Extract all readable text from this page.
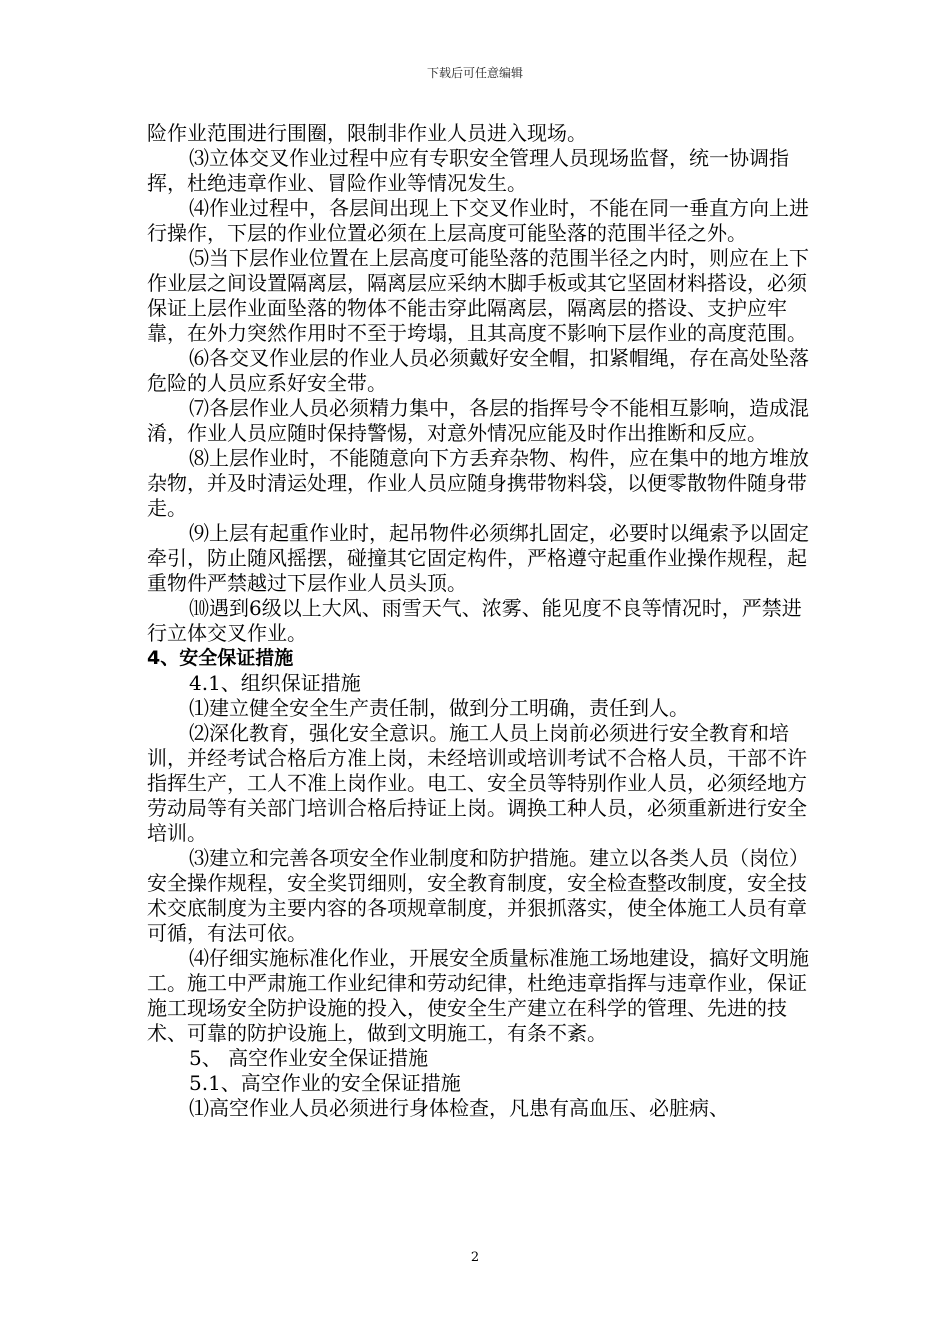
下载后可任意编辑

险作业范围进行围圈，限制非作业人员进入现场。

⑶立体交叉作业过程中应有专职安全管理人员现场监督，统一协调指挥，杜绝违章作业、冒险作业等情况发生。

⑷作业过程中，各层间出现上下交叉作业时，不能在同一垂直方向上进行操作，下层的作业位置必须在上层高度可能坠落的范围半径之外。

⑸当下层作业位置在上层高度可能坠落的范围半径之内时，则应在上下作业层之间设置隔离层，隔离层应采纳木脚手板或其它坚固材料搭设，必须保证上层作业面坠落的物体不能击穿此隔离层，隔离层的搭设、支护应牢靠，在外力突然作用时不至于垮塌，且其高度不影响下层作业的高度范围。

⑹各交叉作业层的作业人员必须戴好安全帽，扣紧帽绳，存在高处坠落危险的人员应系好安全带。

⑺各层作业人员必须精力集中，各层的指挥号令不能相互影响，造成混淆，作业人员应随时保持警惕，对意外情况应能及时作出推断和反应。

⑻上层作业时，不能随意向下方丢弃杂物、构件，应在集中的地方堆放杂物，并及时清运处理，作业人员应随身携带物料袋，以便零散物件随身带走。

⑼上层有起重作业时，起吊物件必须绑扎固定，必要时以绳索予以固定牵引，防止随风摇摆，碰撞其它固定构件，严格遵守起重作业操作规程，起重物件严禁越过下层作业人员头顶。

⑽遇到6级以上大风、雨雪天气、浓雾、能见度不良等情况时，严禁进行立体交叉作业。

4、安全保证措施

4.1、组织保证措施

⑴建立健全安全生产责任制，做到分工明确，责任到人。

⑵深化教育，强化安全意识。施工人员上岗前必须进行安全教育和培训，并经考试合格后方准上岗，未经培训或培训考试不合格人员，干部不许指挥生产，工人不准上岗作业。电工、安全员等特别作业人员，必须经地方劳动局等有关部门培训合格后持证上岗。调换工种人员，必须重新进行安全培训。

⑶建立和完善各项安全作业制度和防护措施。建立以各类人员（岗位）安全操作规程，安全奖罚细则，安全教育制度，安全检查整改制度，安全技术交底制度为主要内容的各项规章制度，并狠抓落实，使全体施工人员有章可循，有法可依。

⑷仔细实施标准化作业，开展安全质量标准施工场地建设，搞好文明施工。施工中严肃施工作业纪律和劳动纪律，杜绝违章指挥与违章作业，保证施工现场安全防护设施的投入，使安全生产建立在科学的管理、先进的技术、可靠的防护设施上，做到文明施工，有条不紊。

5、 高空作业安全保证措施

5.1、高空作业的安全保证措施

⑴高空作业人员必须进行身体检查，凡患有高血压、必脏病、

2
